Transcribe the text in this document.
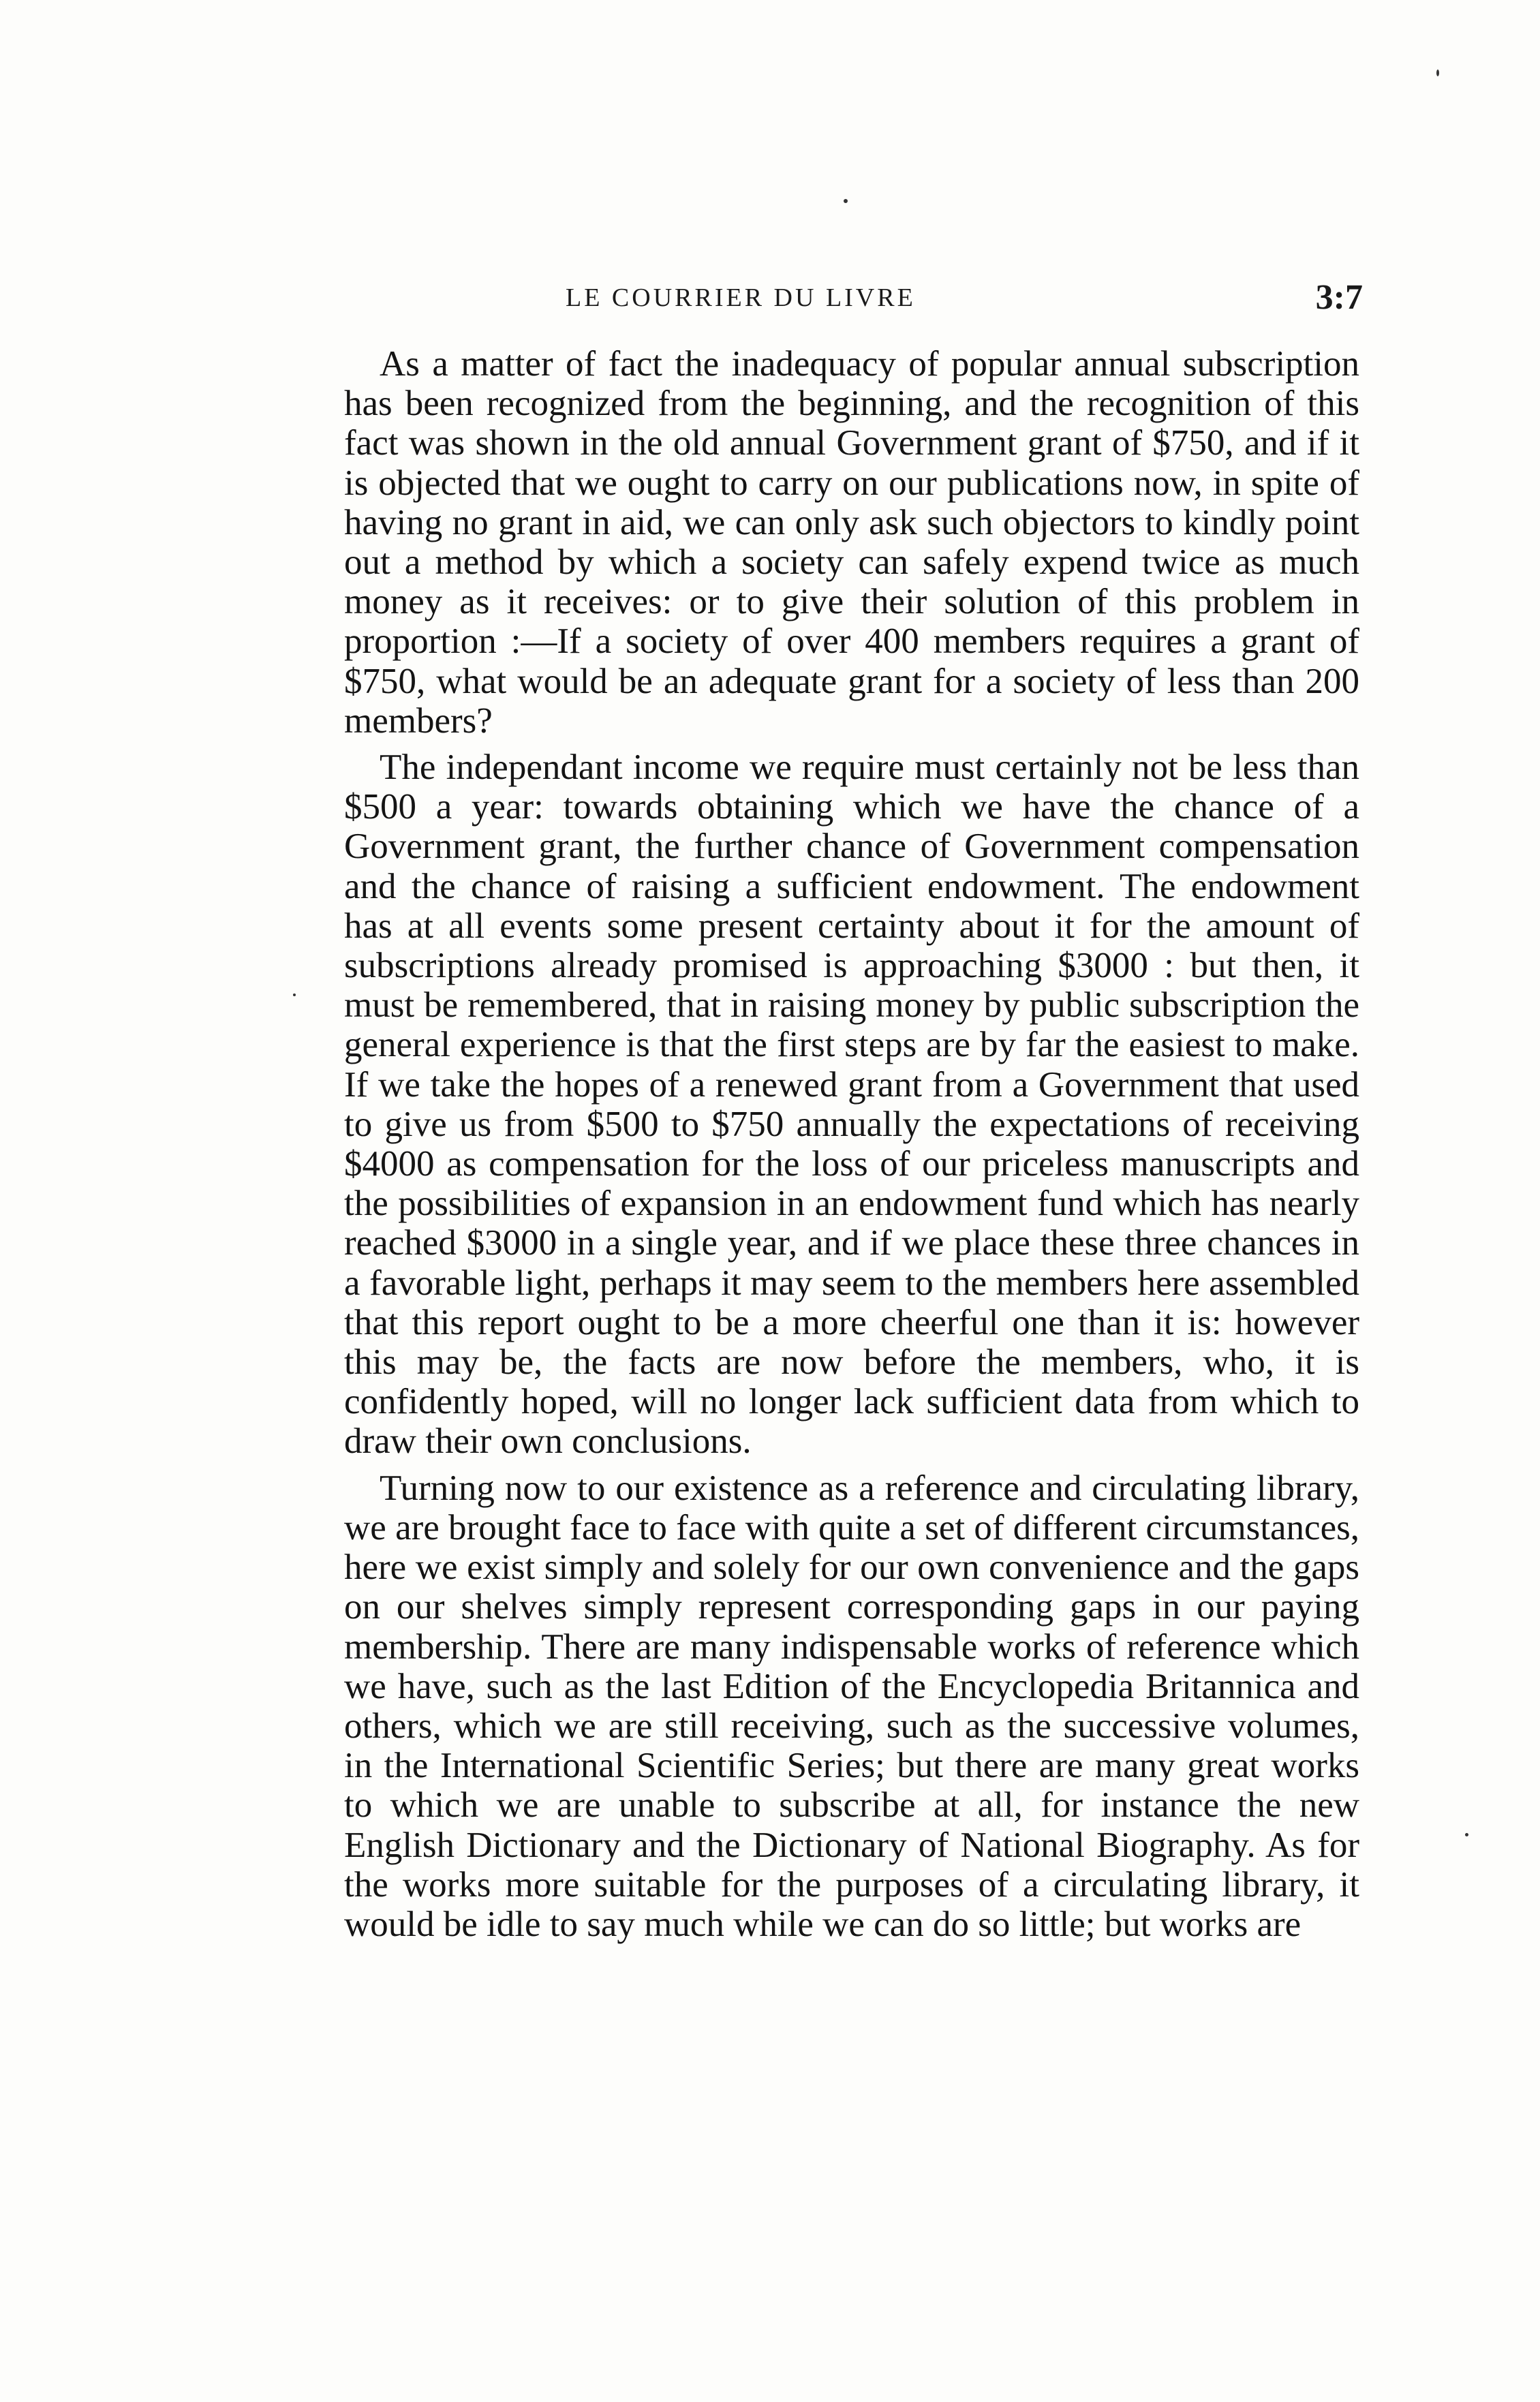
LE COURRIER DU LIVRE	3:7

As a matter of fact the inadequacy of popular annual subscription has been recognized from the beginning, and the recognition of this fact was shown in the old annual Government grant of $750, and if it is objected that we ought to carry on our publications now, in spite of having no grant in aid, we can only ask such objectors to kindly point out a method by which a society can safely expend twice as much money as it receives: or to give their solution of this problem in proportion :—If a society of over 400 members requires a grant of $750, what would be an adequate grant for a society of less than 200 members?

The independant income we require must certainly not be less than $500 a year: towards obtaining which we have the chance of a Government grant, the further chance of Government compensation and the chance of raising a sufficient endowment. The endowment has at all events some present certainty about it for the amount of subscriptions already promised is approaching $3000 : but then, it must be remembered, that in raising money by public subscription the general experience is that the first steps are by far the easiest to make. If we take the hopes of a renewed grant from a Government that used to give us from $500 to $750 annually the expectations of receiving $4000 as compensation for the loss of our priceless manuscripts and the possibilities of expansion in an endowment fund which has nearly reached $3000 in a single year, and if we place these three chances in a favorable light, perhaps it may seem to the members here assembled that this report ought to be a more cheerful one than it is: however this may be, the facts are now before the members, who, it is confidently hoped, will no longer lack sufficient data from which to draw their own conclusions.

Turning now to our existence as a reference and circulating library, we are brought face to face with quite a set of different circumstances, here we exist simply and solely for our own convenience and the gaps on our shelves simply represent corresponding gaps in our paying membership. There are many indispensable works of reference which we have, such as the last Edition of the Encyclopedia Britannica and others, which we are still receiving, such as the successive volumes, in the International Scientific Series; but there are many great works to which we are unable to subscribe at all, for instance the new English Dictionary and the Dictionary of National Biography. As for the works more suitable for the purposes of a circulating library, it would be idle to say much while we can do so little; but works are
